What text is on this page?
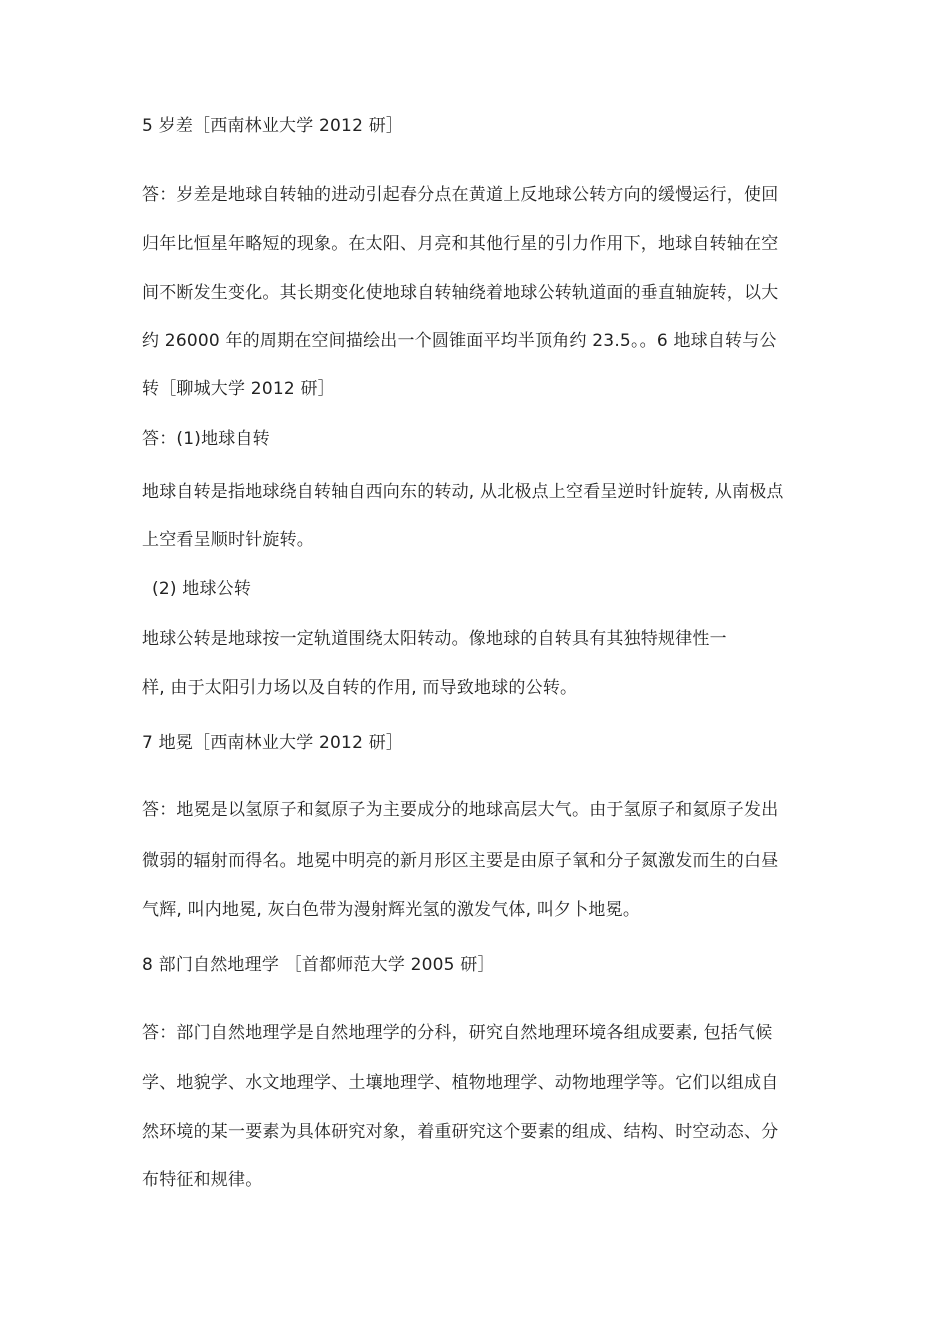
5 岁差［西南林业大学 2012 研］
答：岁差是地球自转轴的进动引起春分点在黄道上反地球公转方向的缓慢运行，使回
归年比恒星年略短的现象。在太阳、月亮和其他行星的引力作用下，地球自转轴在空
间不断发生变化。其长期变化使地球自转轴绕着地球公转轨道面的垂直轴旋转，以大
约 26000 年的周期在空间描绘出一个圆锥面平均半顶角约 23.5。。6 地球自转与公
转［聊城大学 2012 研］
答：(1)地球自转
地球自转是指地球绕自转轴自西向东的转动, 从北极点上空看呈逆时针旋转, 从南极点
上空看呈顺时针旋转。
(2) 地球公转
地球公转是地球按一定轨道围绕太阳转动。像地球的自转具有其独特规律性一
样, 由于太阳引力场以及自转的作用, 而导致地球的公转。
7 地冕［西南林业大学 2012 研］
答：地冕是以氢原子和氦原子为主要成分的地球高层大气。由于氢原子和氦原子发出
微弱的辐射而得名。地冕中明亮的新月形区主要是由原子氧和分子氮激发而生的白昼
气辉, 叫内地冕, 灰白色带为漫射辉光氢的激发气体, 叫夕卜地冕。
8 部门自然地理学 ［首都师范大学 2005 研］
答：部门自然地理学是自然地理学的分科，研究自然地理环境各组成要素, 包括气候
学、地貌学、水文地理学、土壤地理学、植物地理学、动物地理学等。它们以组成自
然环境的某一要素为具体研究对象，着重研究这个要素的组成、结构、时空动态、分
布特征和规律。
